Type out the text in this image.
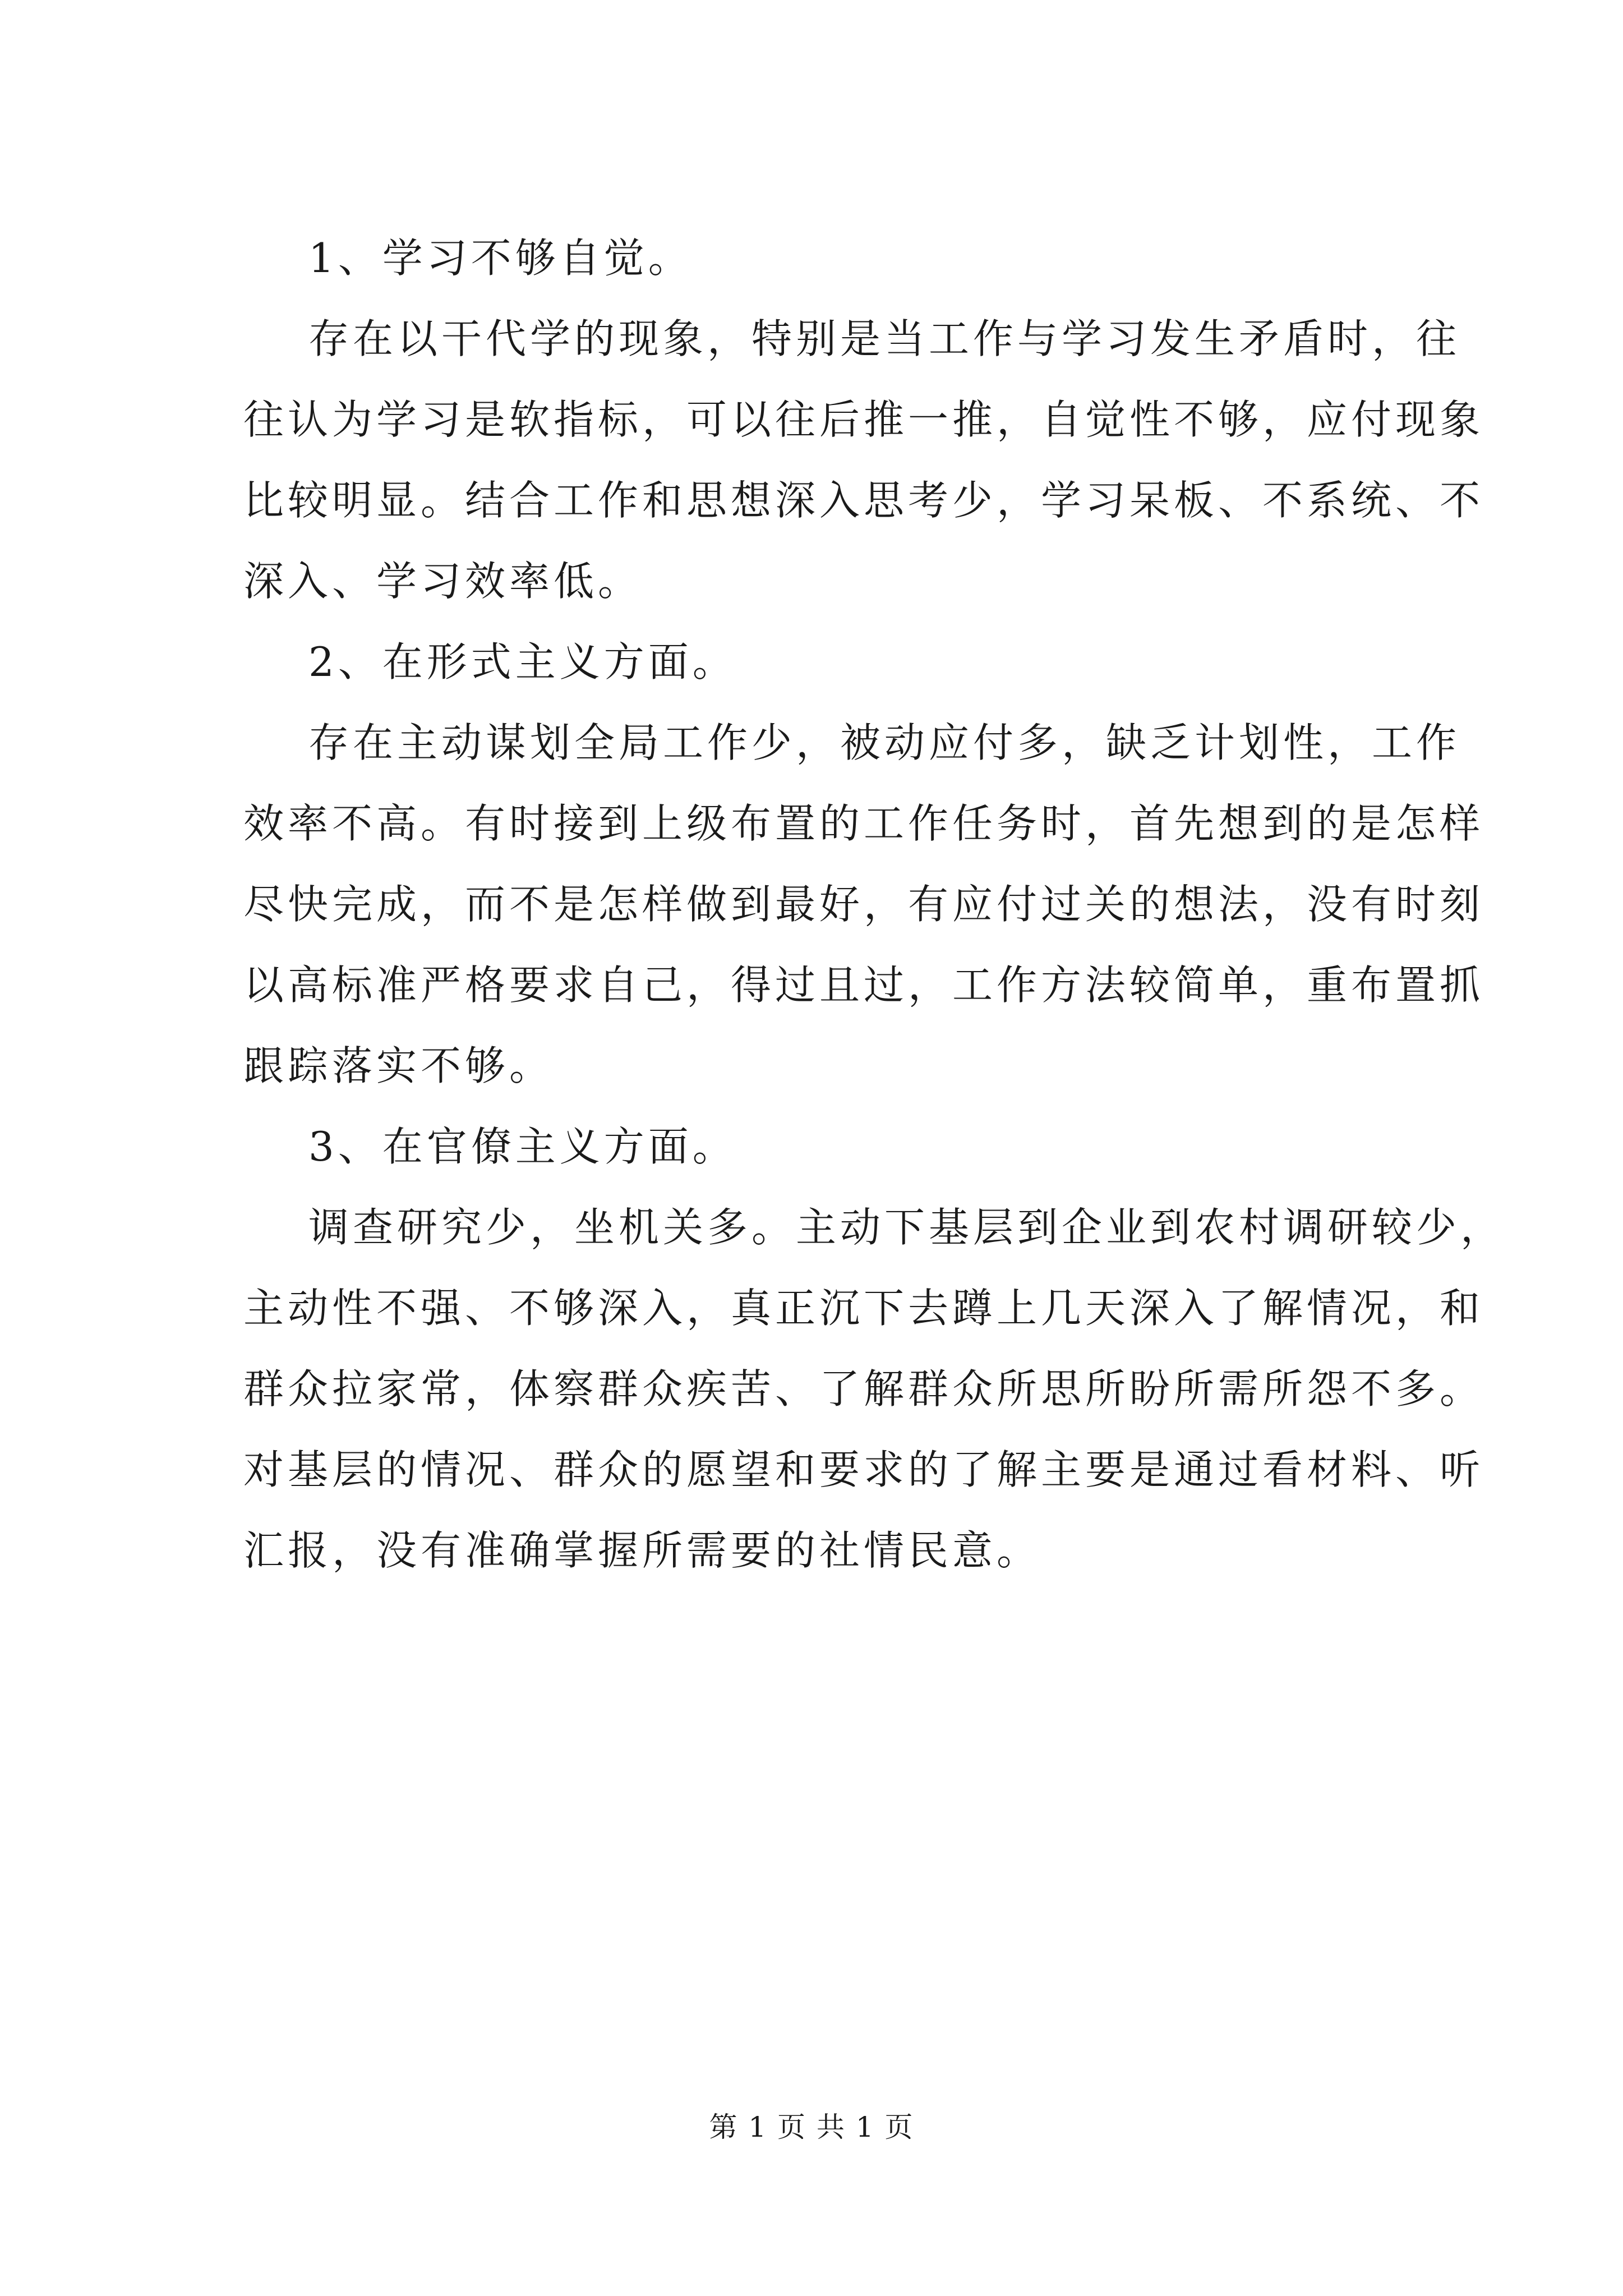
1、学习不够自觉。
存在以干代学的现象，特别是当工作与学习发生矛盾时，往
往认为学习是软指标，可以往后推一推，自觉性不够，应付现象
比较明显。结合工作和思想深入思考少，学习呆板、不系统、不
深入、学习效率低。
2、在形式主义方面。
存在主动谋划全局工作少，被动应付多，缺乏计划性，工作
效率不高。有时接到上级布置的工作任务时，首先想到的是怎样
尽快完成，而不是怎样做到最好，有应付过关的想法，没有时刻
以高标准严格要求自己，得过且过，工作方法较简单，重布置抓
跟踪落实不够。
3、在官僚主义方面。
调查研究少，坐机关多。主动下基层到企业到农村调研较少，
主动性不强、不够深入，真正沉下去蹲上几天深入了解情况，和
群众拉家常，体察群众疾苦、了解群众所思所盼所需所怨不多。
对基层的情况、群众的愿望和要求的了解主要是通过看材料、听
汇报，没有准确掌握所需要的社情民意。
第 1 页 共 1 页
